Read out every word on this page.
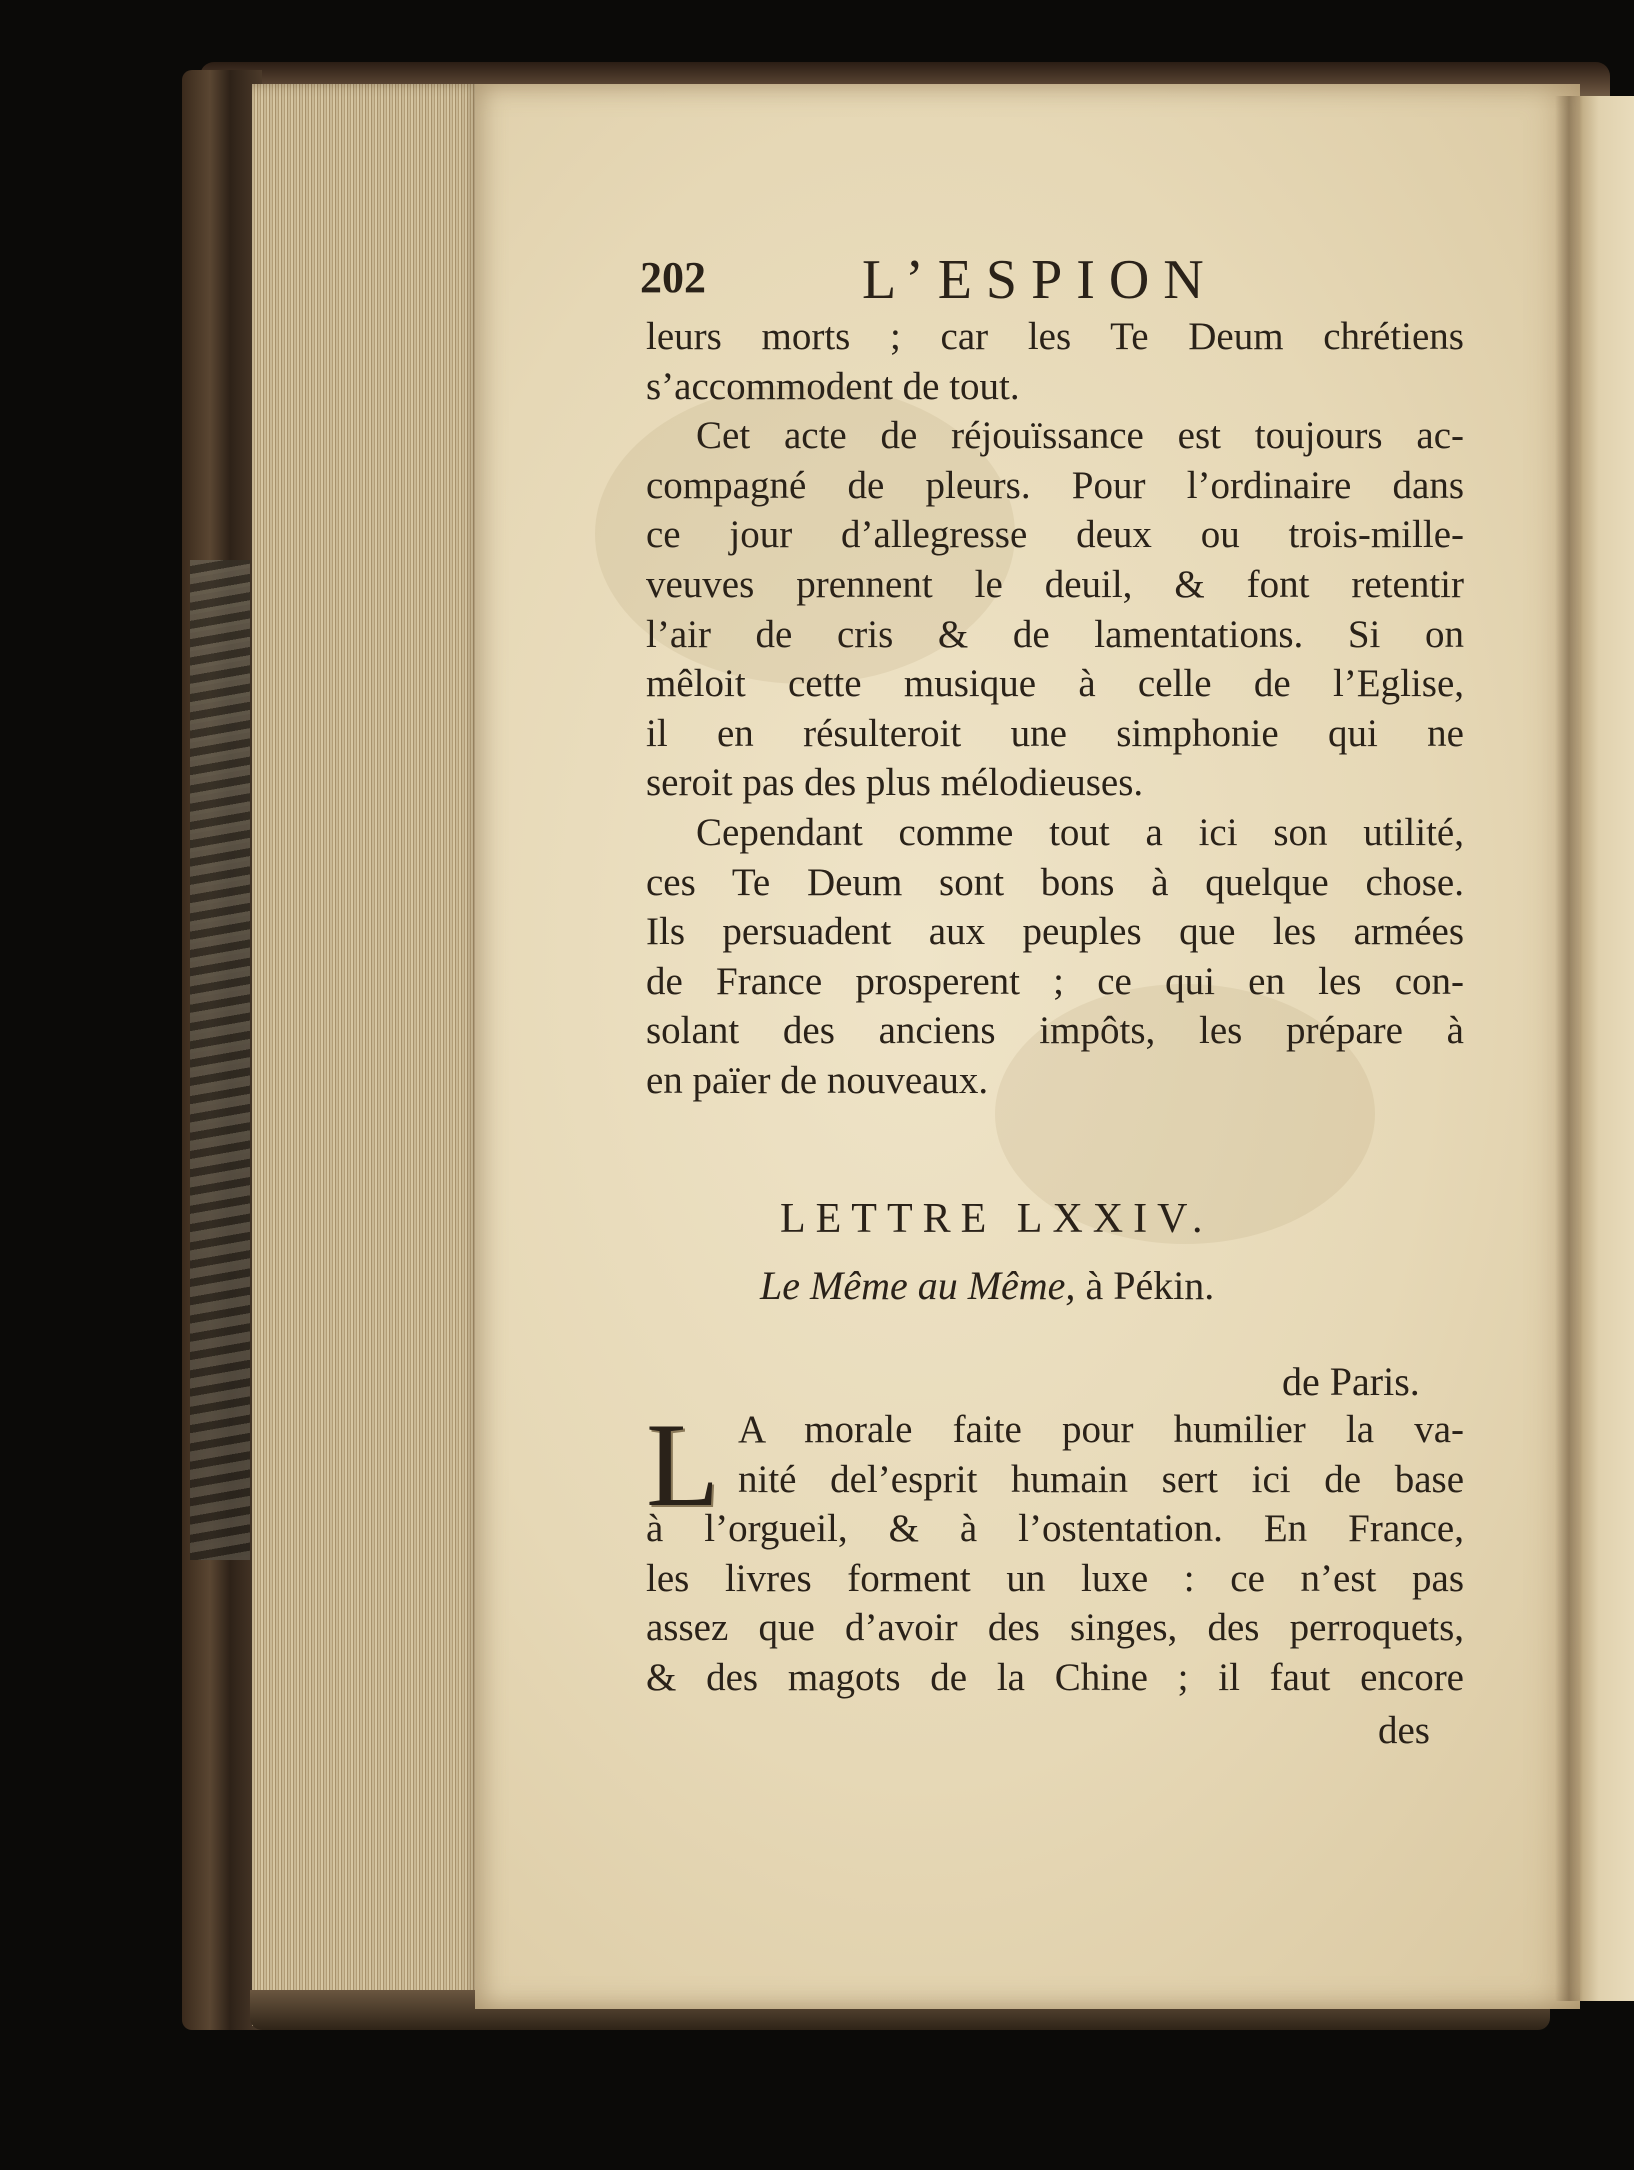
202	L’ESPION
leurs morts ; car les Te Deum chrétiens
s’accommodent de tout.
Cet acte de réjouïssance est toujours ac-
compagné de pleurs. Pour l’ordinaire dans
ce jour d’allegresse deux ou trois-mille-
veuves prennent le deuil, & font retentir
l’air de cris & de lamentations. Si on
mêloit cette musique à celle de l’Eglise,
il en résulteroit une simphonie qui ne
seroit pas des plus mélodieuses.
Cependant comme tout a ici son utilité,
ces Te Deum sont bons à quelque chose.
Ils persuadent aux peuples que les armées
de France prosperent ; ce qui en les con-
solant des anciens impôts, les prépare à
en païer de nouveaux.
LETTRE LXXIV.
Le Même au Même, à Pékin.
de Paris.
L A morale faite pour humilier la va-
nité del’esprit humain sert ici de base
à l’orgueil, & à l’ostentation. En France,
les livres forment un luxe : ce n’est pas
assez que d’avoir des singes, des perroquets,
& des magots de la Chine ; il faut encore
des
